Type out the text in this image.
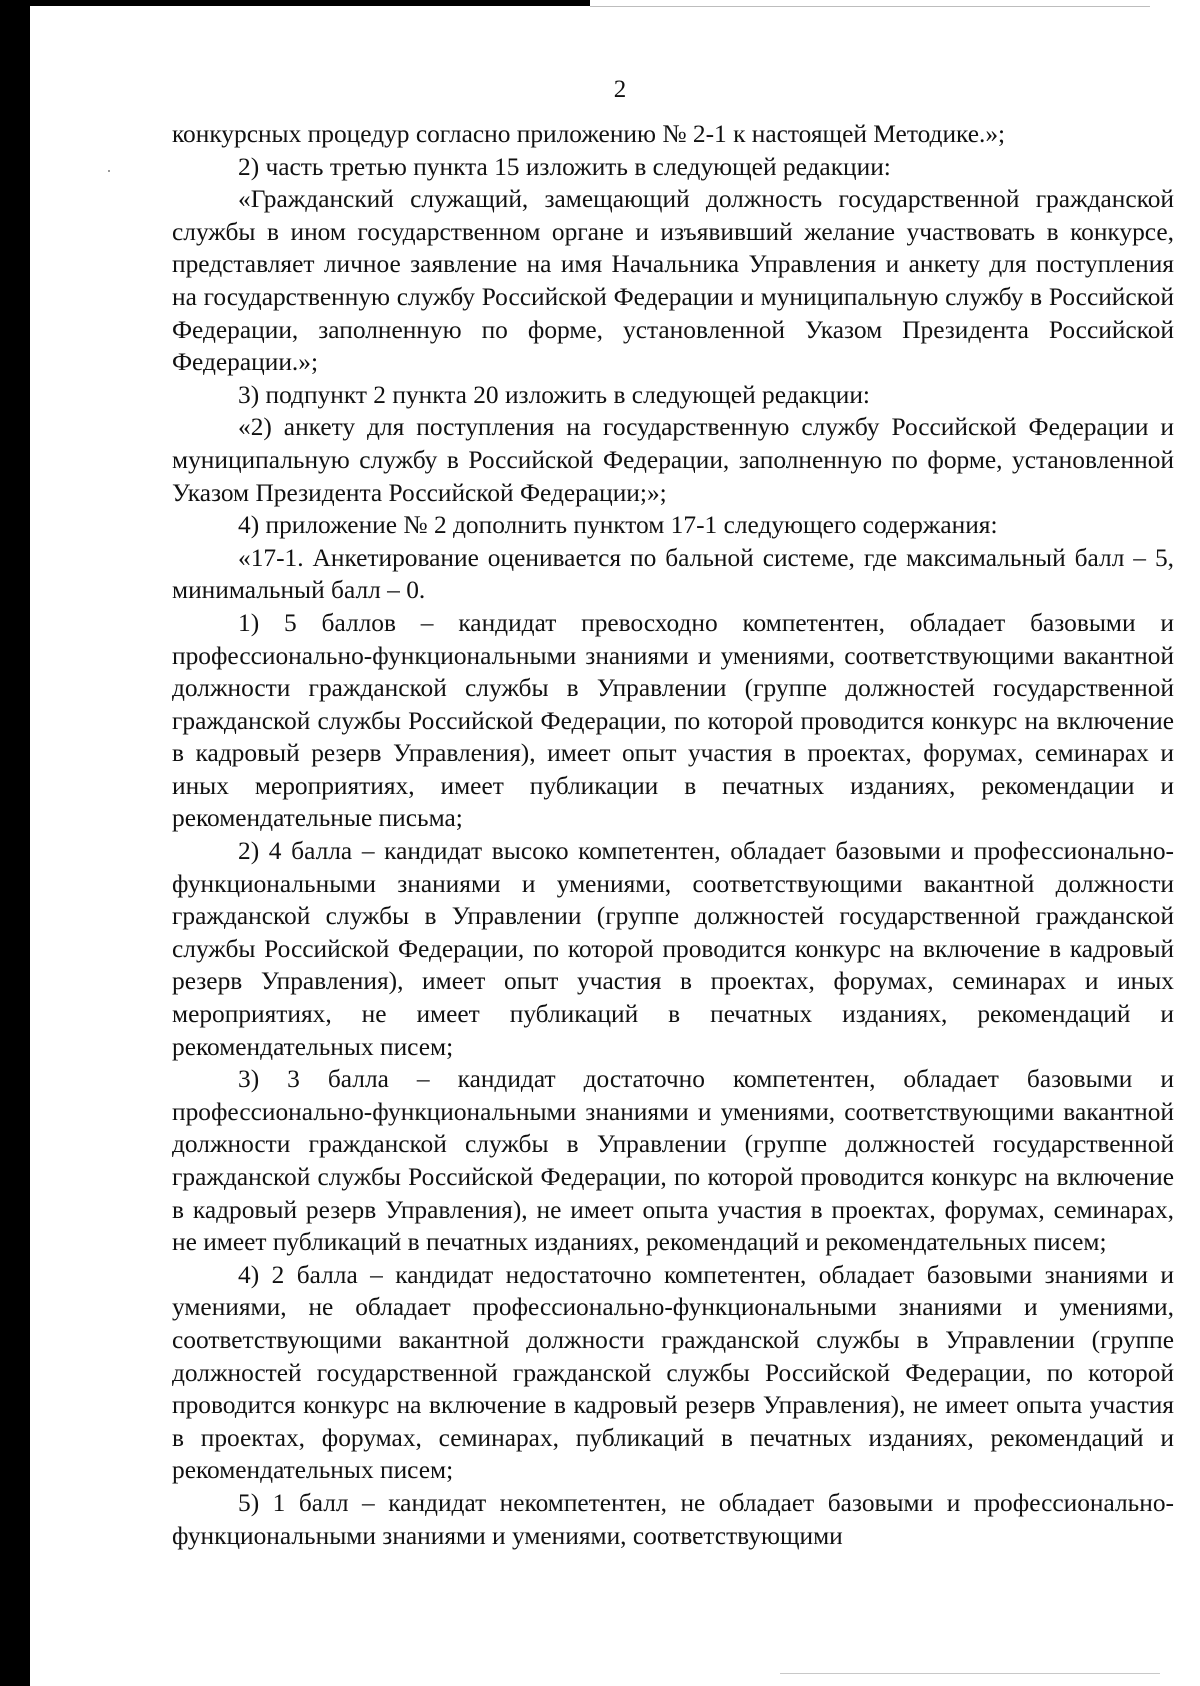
2

конкурсных процедур согласно приложению № 2-1 к настоящей Методике.»;

2) часть третью пункта 15 изложить в следующей редакции:

«Гражданский служащий, замещающий должность государственной гражданской службы в ином государственном органе и изъявивший желание участвовать в конкурсе, представляет личное заявление на имя Начальника Управления и анкету для поступления на государственную службу Российской Федерации и муниципальную службу в Российской Федерации, заполненную по форме, установленной Указом Президента Российской Федерации.»;

3) подпункт 2 пункта 20 изложить в следующей редакции:

«2) анкету для поступления на государственную службу Российской Федерации и муниципальную службу в Российской Федерации, заполненную по форме, установленной Указом Президента Российской Федерации;»;

4) приложение № 2 дополнить пунктом 17-1 следующего содержания:

«17-1. Анкетирование оценивается по бальной системе, где максимальный балл – 5, минимальный балл – 0.

1) 5 баллов – кандидат превосходно компетентен, обладает базовыми и профессионально-функциональными знаниями и умениями, соответствующими вакантной должности гражданской службы в Управлении (группе должностей государственной гражданской службы Российской Федерации, по которой проводится конкурс на включение в кадровый резерв Управления), имеет опыт участия в проектах, форумах, семинарах и иных мероприятиях, имеет публикации в печатных изданиях, рекомендации и рекомендательные письма;

2) 4 балла – кандидат высоко компетентен, обладает базовыми и профессионально-функциональными знаниями и умениями, соответствующими вакантной должности гражданской службы в Управлении (группе должностей государственной гражданской службы Российской Федерации, по которой проводится конкурс на включение в кадровый резерв Управления), имеет опыт участия в проектах, форумах, семинарах и иных мероприятиях, не имеет публикаций в печатных изданиях, рекомендаций и рекомендательных писем;

3) 3 балла – кандидат достаточно компетентен, обладает базовыми и профессионально-функциональными знаниями и умениями, соответствующими вакантной должности гражданской службы в Управлении (группе должностей государственной гражданской службы Российской Федерации, по которой проводится конкурс на включение в кадровый резерв Управления), не имеет опыта участия в проектах, форумах, семинарах, не имеет публикаций в печатных изданиях, рекомендаций и рекомендательных писем;

4) 2 балла – кандидат недостаточно компетентен, обладает базовыми знаниями и умениями, не обладает профессионально-функциональными знаниями и умениями, соответствующими вакантной должности гражданской службы в Управлении (группе должностей государственной гражданской службы Российской Федерации, по которой проводится конкурс на включение в кадровый резерв Управления), не имеет опыта участия в проектах, форумах, семинарах, публикаций в печатных изданиях, рекомендаций и рекомендательных писем;

5) 1 балл – кандидат некомпетентен, не обладает базовыми и профессионально-функциональными знаниями и умениями, соответствующими
